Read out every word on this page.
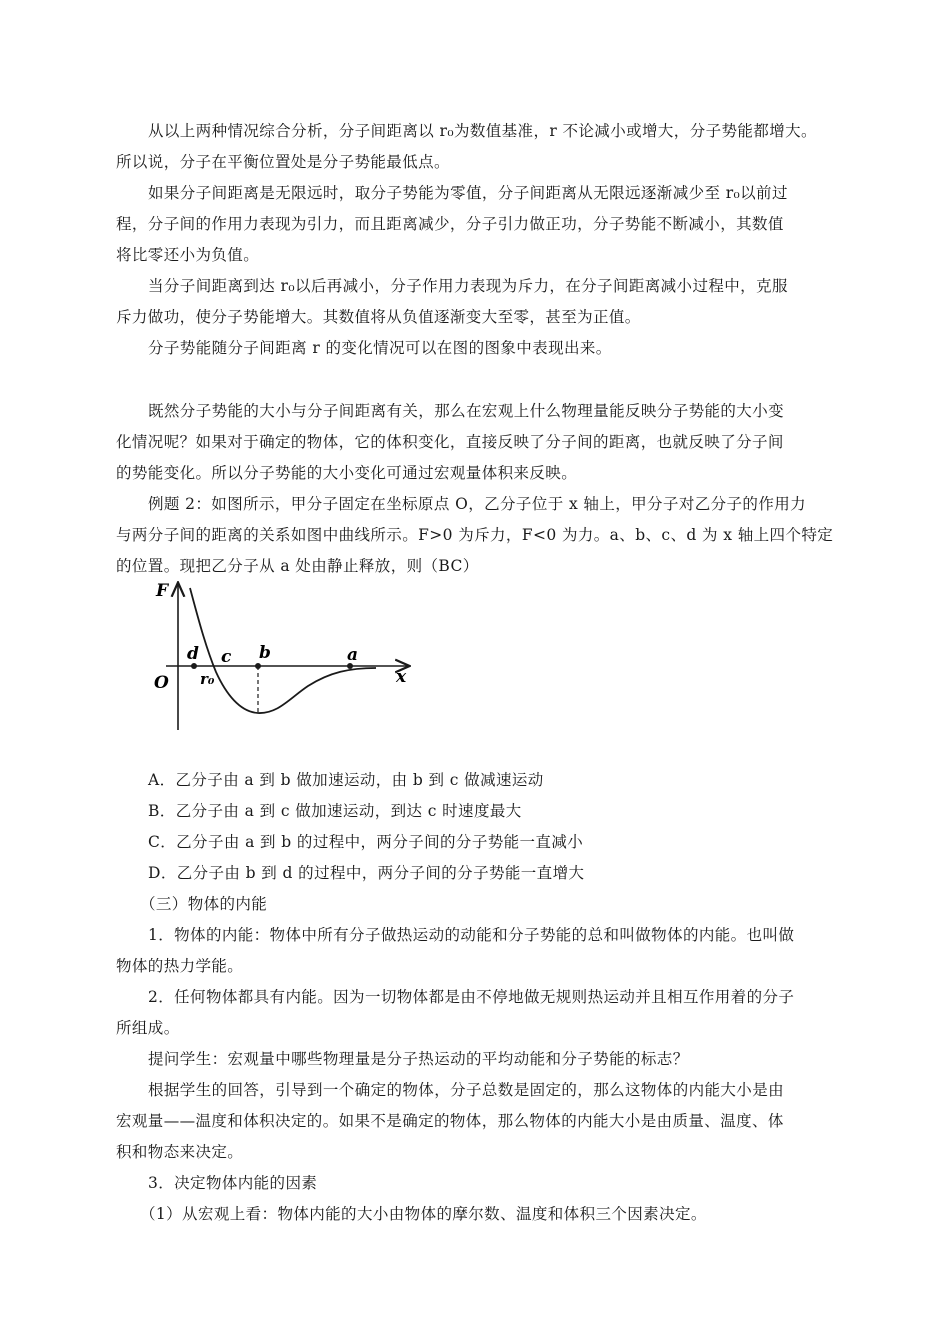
从以上两种情况综合分析，分子间距离以 r₀为数值基准，r 不论减小或增大，分子势能都增大。
所以说，分子在平衡位置处是分子势能最低点。
如果分子间距离是无限远时，取分子势能为零值，分子间距离从无限远逐渐减少至 r₀以前过
程，分子间的作用力表现为引力，而且距离减少，分子引力做正功，分子势能不断减小，其数值
将比零还小为负值。
当分子间距离到达 r₀以后再减小，分子作用力表现为斥力，在分子间距离减小过程中，克服
斥力做功，使分子势能增大。其数值将从负值逐渐变大至零，甚至为正值。
分子势能随分子间距离 r 的变化情况可以在图的图象中表现出来。
既然分子势能的大小与分子间距离有关，那么在宏观上什么物理量能反映分子势能的大小变
化情况呢？如果对于确定的物体，它的体积变化，直接反映了分子间的距离，也就反映了分子间
的势能变化。所以分子势能的大小变化可通过宏观量体积来反映。
例题 2：如图所示，甲分子固定在坐标原点 O，乙分子位于 x 轴上，甲分子对乙分子的作用力
与两分子间的距离的关系如图中曲线所示。F>0 为斥力，F<0 为力。a、b、c、d 为 x 轴上四个特定
的位置。现把乙分子从 a 处由静止释放，则（BC）
F
x
O r₀
d c b	a
A．乙分子由 a 到 b 做加速运动，由 b 到 c 做减速运动
B．乙分子由 a 到 c 做加速运动，到达 c 时速度最大
C．乙分子由 a 到 b 的过程中，两分子间的分子势能一直减小
D．乙分子由 b 到 d 的过程中，两分子间的分子势能一直增大
（三）物体的内能
1．物体的内能：物体中所有分子做热运动的动能和分子势能的总和叫做物体的内能。也叫做
物体的热力学能。
2．任何物体都具有内能。因为一切物体都是由不停地做无规则热运动并且相互作用着的分子
所组成。
提问学生：宏观量中哪些物理量是分子热运动的平均动能和分子势能的标志？
根据学生的回答，引导到一个确定的物体，分子总数是固定的，那么这物体的内能大小是由
宏观量——温度和体积决定的。如果不是确定的物体，那么物体的内能大小是由质量、温度、体
积和物态来决定。
3．决定物体内能的因素
（1）从宏观上看：物体内能的大小由物体的摩尔数、温度和体积三个因素决定。
